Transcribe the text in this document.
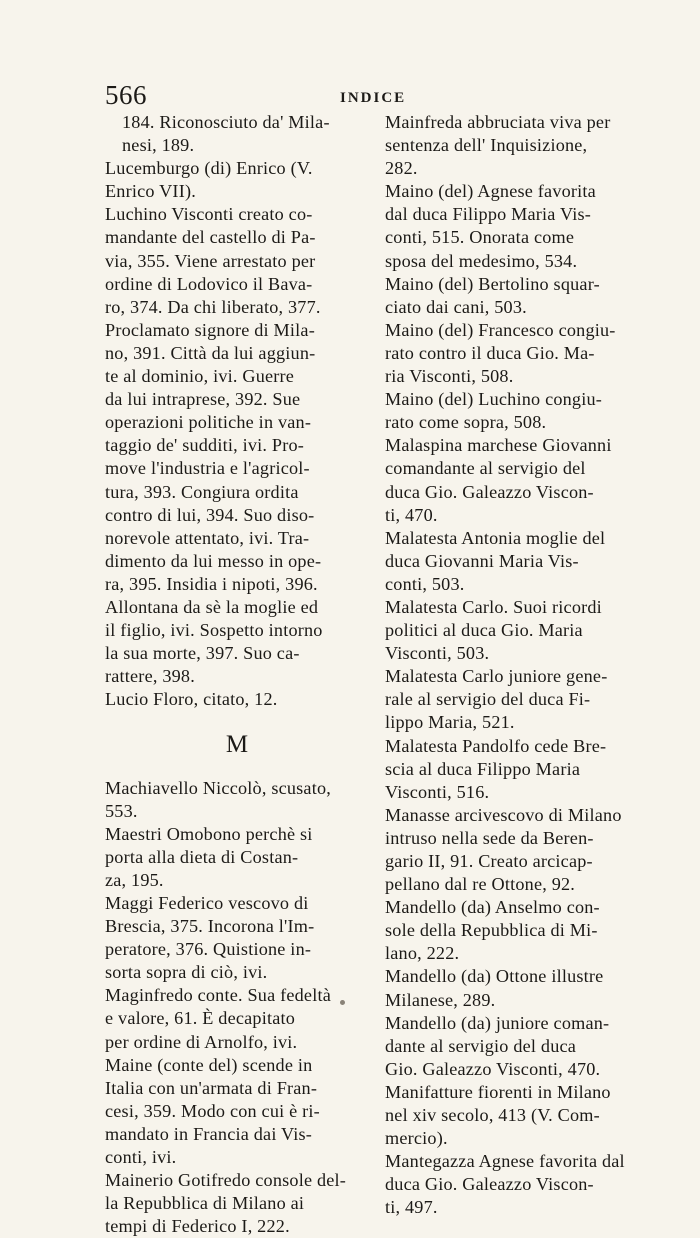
566	INDICE

184. Riconosciuto da' Mila-
nesi, 189.

Lucemburgo (di) Enrico (V.
Enrico VII).

Luchino Visconti creato co-
mandante del castello di Pa-
via, 355. Viene arrestato per
ordine di Lodovico il Bava-
ro, 374. Da chi liberato, 377.
Proclamato signore di Mila-
no, 391. Città da lui aggiun-
te al dominio, ivi. Guerre
da lui intraprese, 392. Sue
operazioni politiche in van-
taggio de' sudditi, ivi. Pro-
move l'industria e l'agricol-
tura, 393. Congiura ordita
contro di lui, 394. Suo diso-
norevole attentato, ivi. Tra-
dimento da lui messo in ope-
ra, 395. Insidia i nipoti, 396.
Allontana da sè la moglie ed
il figlio, ivi. Sospetto intorno
la sua morte, 397. Suo ca-
rattere, 398.

Lucio Floro, citato, 12.

M

Machiavello Niccolò, scusato,
553.

Maestri Omobono perchè si
porta alla dieta di Costan-
za, 195.

Maggi Federico vescovo di
Brescia, 375. Incorona l'Im-
peratore, 376. Quistione in-
sorta sopra di ciò, ivi.

Maginfredo conte. Sua fedeltà
e valore, 61. È decapitato
per ordine di Arnolfo, ivi.

Maine (conte del) scende in
Italia con un'armata di Fran-
cesi, 359. Modo con cui è ri-
mandato in Francia dai Vis-
conti, ivi.

Mainerio Gotifredo console del-
la Repubblica di Milano ai
tempi di Federico I, 222.

Mainfreda abbruciata viva per
sentenza dell' Inquisizione,
282.

Maino (del) Agnese favorita
dal duca Filippo Maria Vis-
conti, 515. Onorata come
sposa del medesimo, 534.

Maino (del) Bertolino squar-
ciato dai cani, 503.

Maino (del) Francesco congiu-
rato contro il duca Gio. Ma-
ria Visconti, 508.

Maino (del) Luchino congiu-
rato come sopra, 508.

Malaspina marchese Giovanni
comandante al servigio del
duca Gio. Galeazzo Viscon-
ti, 470.

Malatesta Antonia moglie del
duca Giovanni Maria Vis-
conti, 503.

Malatesta Carlo. Suoi ricordi
politici al duca Gio. Maria
Visconti, 503.

Malatesta Carlo juniore gene-
rale al servigio del duca Fi-
lippo Maria, 521.

Malatesta Pandolfo cede Bre-
scia al duca Filippo Maria
Visconti, 516.

Manasse arcivescovo di Milano
intruso nella sede da Beren-
gario II, 91. Creato arcicap-
pellano dal re Ottone, 92.

Mandello (da) Anselmo con-
sole della Repubblica di Mi-
lano, 222.

Mandello (da) Ottone illustre
Milanese, 289.

Mandello (da) juniore coman-
dante al servigio del duca
Gio. Galeazzo Visconti, 470.

Manifatture fiorenti in Milano
nel xiv secolo, 413 (V. Com-
mercio).

Mantegazza Agnese favorita dal
duca Gio. Galeazzo Viscon-
ti, 497.
